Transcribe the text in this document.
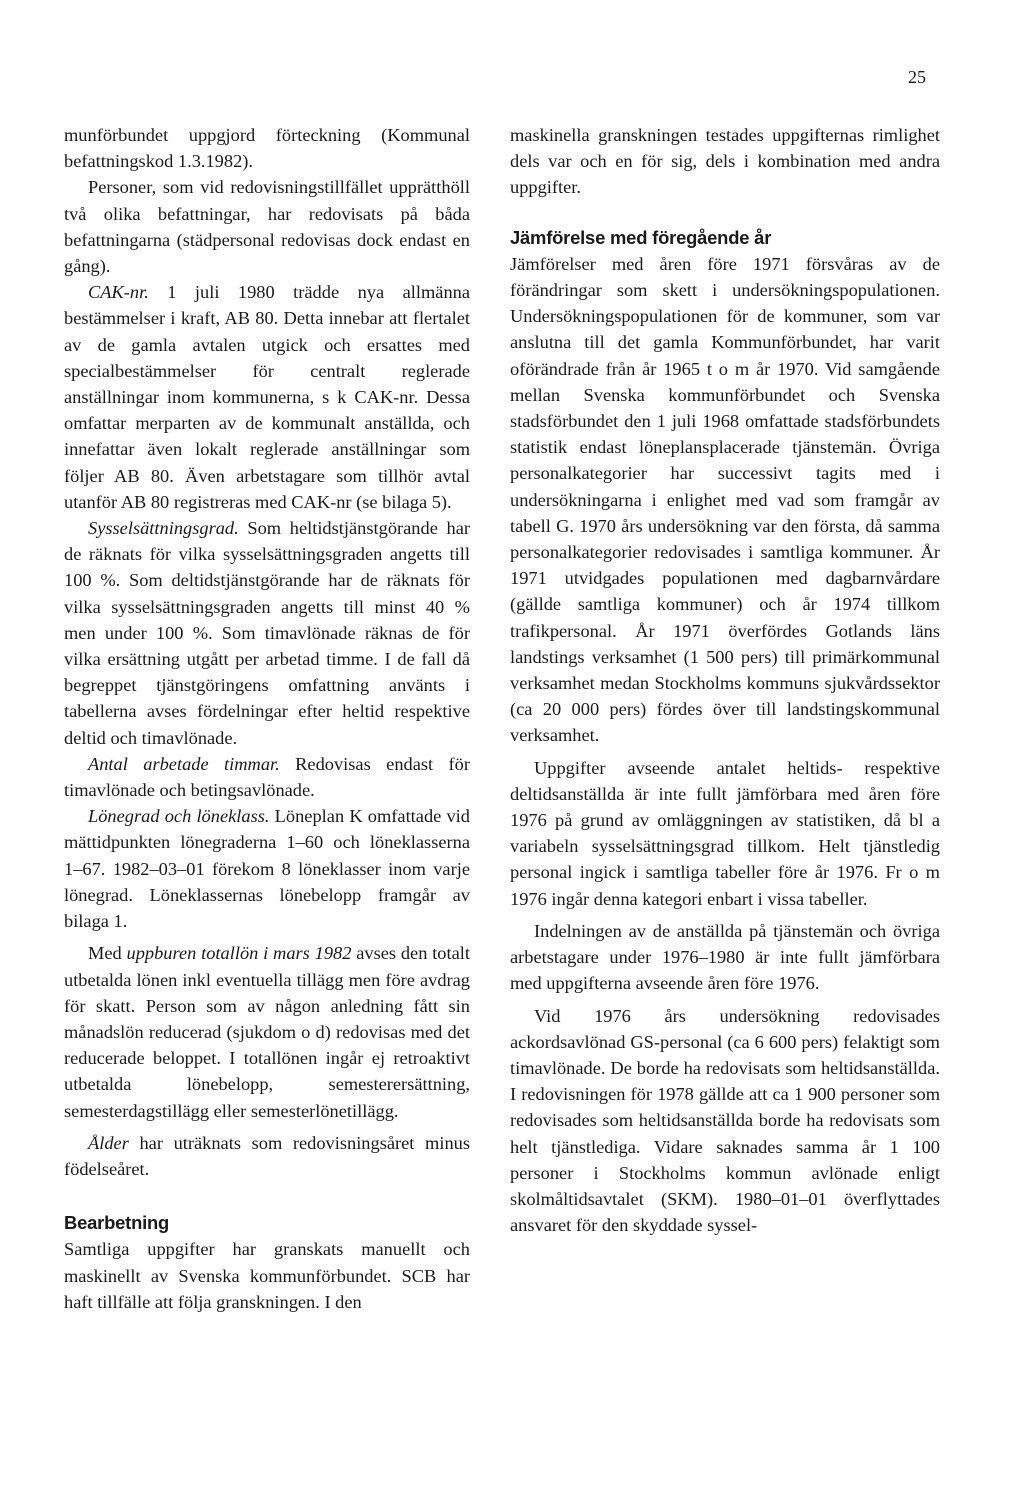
25

munförbundet uppgjord förteckning (Kommunal befattningskod 1.3.1982).

Personer, som vid redovisningstillfället upprätthöll två olika befattningar, har redovisats på båda befattningarna (städpersonal redovisas dock endast en gång).

CAK-nr. 1 juli 1980 trädde nya allmänna bestämmelser i kraft, AB 80. Detta innebar att flertalet av de gamla avtalen utgick och ersattes med specialbestämmelser för centralt reglerade anställningar inom kommunerna, s k CAK-nr. Dessa omfattar merparten av de kommunalt anställda, och innefattar även lokalt reglerade anställningar som följer AB 80. Även arbetstagare som tillhör avtal utanför AB 80 registreras med CAK-nr (se bilaga 5).

Sysselsättningsgrad. Som heltidstjänstgörande har de räknats för vilka sysselsättningsgraden angetts till 100 %. Som deltidstjänstgörande har de räknats för vilka sysselsättningsgraden angetts till minst 40 % men under 100 %. Som timavlönade räknas de för vilka ersättning utgått per arbetad timme. I de fall då begreppet tjänstgöringens omfattning använts i tabellerna avses fördelningar efter heltid respektive deltid och timavlönade.

Antal arbetade timmar. Redovisas endast för timavlönade och betingsavlönade.

Lönegrad och löneklass. Löneplan K omfattade vid mättidpunkten lönegraderna 1–60 och löneklasserna 1–67. 1982–03–01 förekom 8 löneklasser inom varje lönegrad. Löneklassernas lönebelopp framgår av bilaga 1.

Med uppburen totallön i mars 1982 avses den totalt utbetalda lönen inkl eventuella tillägg men före avdrag för skatt. Person som av någon anledning fått sin månadslön reducerad (sjukdom o d) redovisas med det reducerade beloppet. I totallönen ingår ej retroaktivt utbetalda lönebelopp, semesterersättning, semesterdagstillägg eller semesterlönetillägg.

Ålder har uträknats som redovisningsåret minus födelseåret.

Bearbetning

Samtliga uppgifter har granskats manuellt och maskinellt av Svenska kommunförbundet. SCB har haft tillfälle att följa granskningen. I den

maskinella granskningen testades uppgifternas rimlighet dels var och en för sig, dels i kombination med andra uppgifter.

Jämförelse med föregående år

Jämförelser med åren före 1971 försvåras av de förändringar som skett i undersökningspopulationen. Undersökningspopulationen för de kommuner, som var anslutna till det gamla Kommunförbundet, har varit oförändrade från år 1965 t o m år 1970. Vid samgående mellan Svenska kommunförbundet och Svenska stadsförbundet den 1 juli 1968 omfattade stadsförbundets statistik endast löneplansplacerade tjänstemän. Övriga personalkategorier har successivt tagits med i undersökningarna i enlighet med vad som framgår av tabell G. 1970 års undersökning var den första, då samma personalkategorier redovisades i samtliga kommuner. År 1971 utvidgades populationen med dagbarnvårdare (gällde samtliga kommuner) och år 1974 tillkom trafikpersonal. År 1971 överfördes Gotlands läns landstings verksamhet (1 500 pers) till primärkommunal verksamhet medan Stockholms kommuns sjukvårdssektor (ca 20 000 pers) fördes över till landstingskommunal verksamhet.

Uppgifter avseende antalet heltids- respektive deltidsanställda är inte fullt jämförbara med åren före 1976 på grund av omläggningen av statistiken, då bl a variabeln sysselsättningsgrad tillkom. Helt tjänstledig personal ingick i samtliga tabeller före år 1976. Fr o m 1976 ingår denna kategori enbart i vissa tabeller.

Indelningen av de anställda på tjänstemän och övriga arbetstagare under 1976–1980 är inte fullt jämförbara med uppgifterna avseende åren före 1976.

Vid 1976 års undersökning redovisades ackordsavlönad GS-personal (ca 6 600 pers) felaktigt som timavlönade. De borde ha redovisats som heltidsanställda. I redovisningen för 1978 gällde att ca 1 900 personer som redovisades som heltidsanställda borde ha redovisats som helt tjänstlediga. Vidare saknades samma år 1 100 personer i Stockholms kommun avlönade enligt skolmåltidsavtalet (SKM). 1980–01–01 överflyttades ansvaret för den skyddade syssel-
